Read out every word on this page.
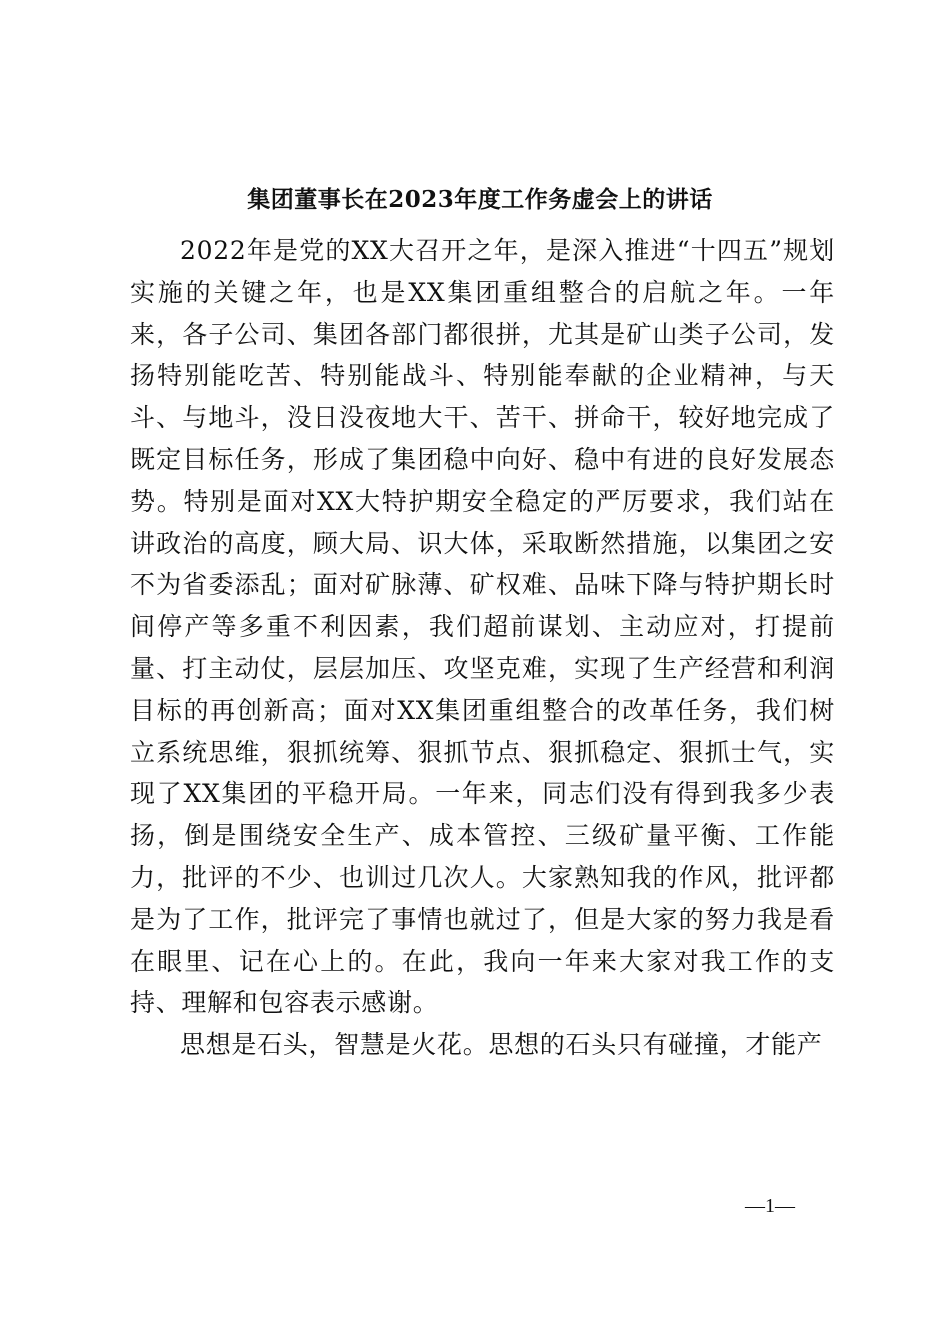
集团董事长在2023年度工作务虚会上的讲话

2022年是党的XX大召开之年，是深入推进“十四五”规划实施的关键之年，也是XX集团重组整合的启航之年。一年来，各子公司、集团各部门都很拼，尤其是矿山类子公司，发扬特别能吃苦、特别能战斗、特别能奉献的企业精神，与天斗、与地斗，没日没夜地大干、苦干、拼命干，较好地完成了既定目标任务，形成了集团稳中向好、稳中有进的良好发展态势。特别是面对XX大特护期安全稳定的严厉要求，我们站在讲政治的高度，顾大局、识大体，采取断然措施，以集团之安不为省委添乱；面对矿脉薄、矿权难、品味下降与特护期长时间停产等多重不利因素，我们超前谋划、主动应对，打提前量、打主动仗，层层加压、攻坚克难，实现了生产经营和利润目标的再创新高；面对XX集团重组整合的改革任务，我们树立系统思维，狠抓统筹、狠抓节点、狠抓稳定、狠抓士气，实现了XX集团的平稳开局。一年来，同志们没有得到我多少表扬，倒是围绕安全生产、成本管控、三级矿量平衡、工作能力，批评的不少、也训过几次人。大家熟知我的作风，批评都是为了工作，批评完了事情也就过了，但是大家的努力我是看在眼里、记在心上的。在此，我向一年来大家对我工作的支持、理解和包容表示感谢。

思想是石头，智慧是火花。思想的石头只有碰撞，才能产

—1—
